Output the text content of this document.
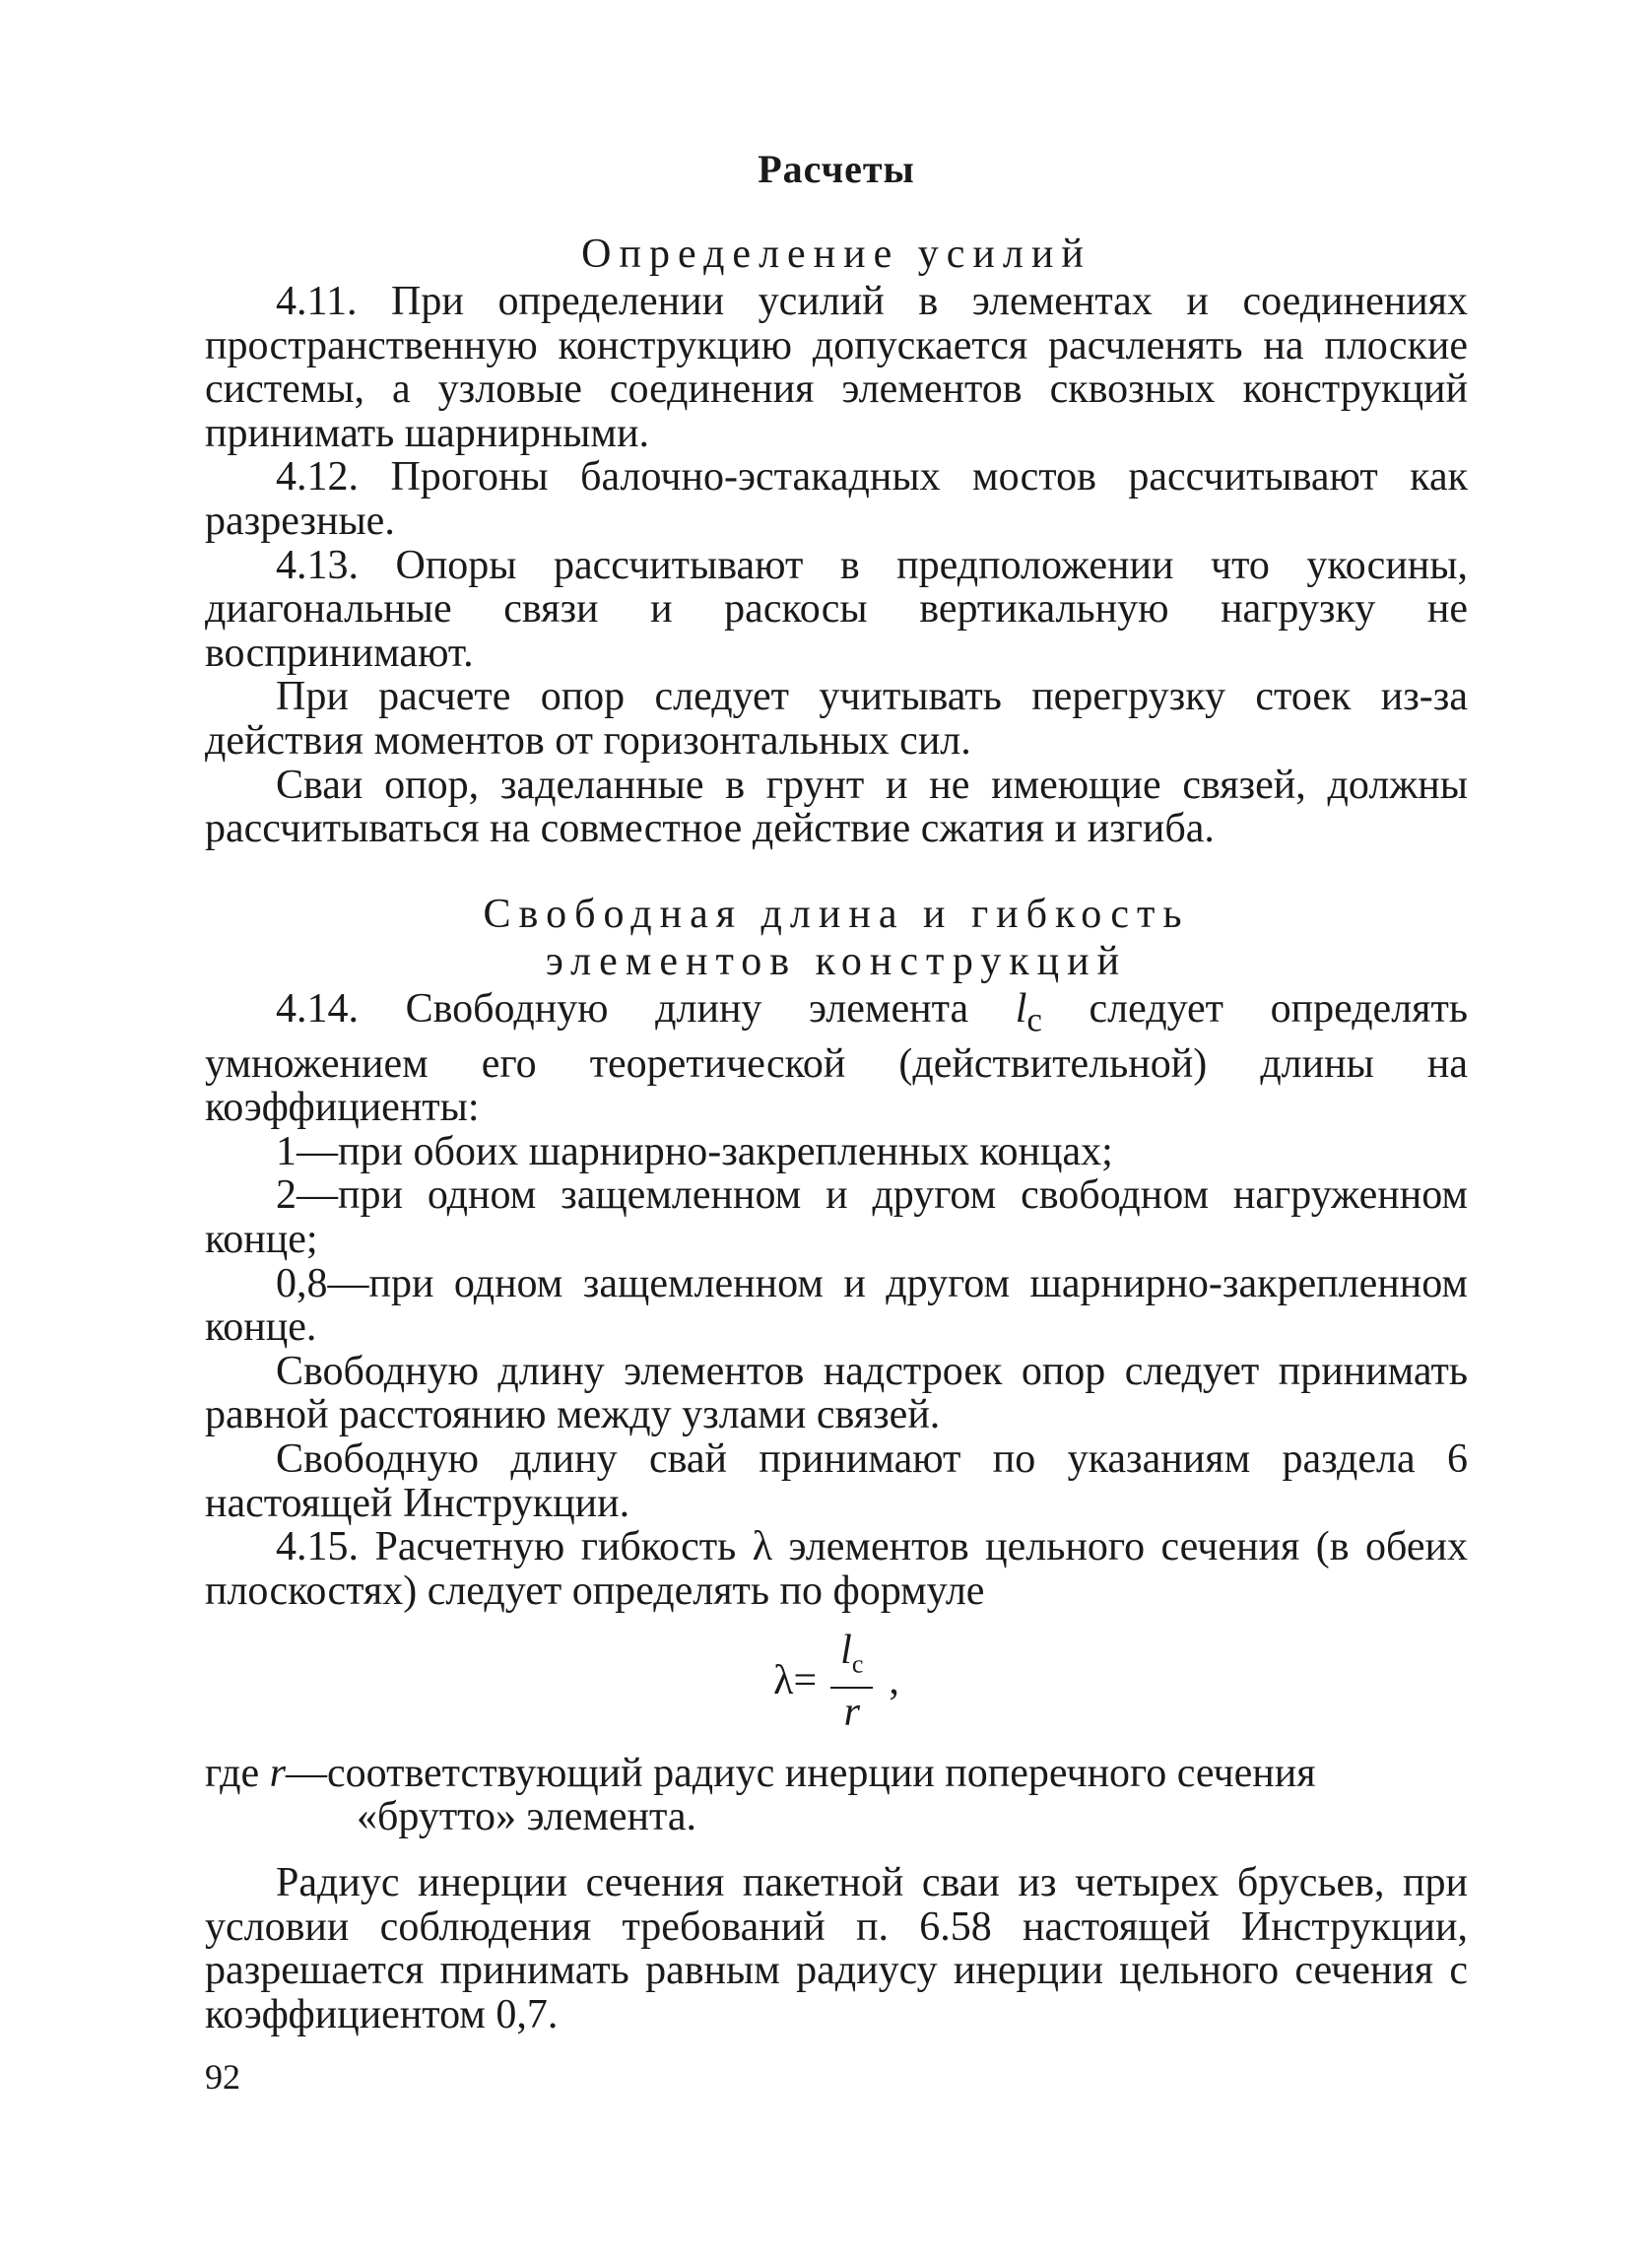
Расчеты
Определение усилий

4.11. При определении усилий в элементах и соединениях пространственную конструкцию допускается расчленять на плоские системы, а узловые соединения элементов сквозных конструкций принимать шарнирными.

4.12. Прогоны балочно-эстакадных мостов рассчитывают как разрезные.

4.13. Опоры рассчитывают в предположении что укосины, диагональные связи и раскосы вертикальную нагрузку не воспринимают.

При расчете опор следует учитывать перегрузку стоек из-за действия моментов от горизонтальных сил.

Сваи опор, заделанные в грунт и не имеющие связей, должны рассчитываться на совместное действие сжатия и изгиба.

Свободная длина и гибкость
элементов конструкций

4.14. Свободную длину элемента $l_c$ следует определять умножением его теоретической (действительной) длины на коэффициенты:

1—при обоих шарнирно-закрепленных концах;

2—при одном защемленном и другом свободном нагруженном конце;

0,8—при одном защемленном и другом шарнирно-закрепленном конце.

Свободную длину элементов надстроек опор следует принимать равной расстоянию между узлами связей.

Свободную длину свай принимают по указаниям раздела 6 настоящей Инструкции.

4.15. Расчетную гибкость λ элементов цельного сечения (в обеих плоскостях) следует определять по формуле

$\lambda= \frac{l_c}{r}$ ,

где r—соответствующий радиус инерции поперечного сечения

«брутто» элемента.

Радиус инерции сечения пакетной сваи из четырех брусьев, при условии соблюдения требований п. 6.58 настоящей Инструкции, разрешается принимать равным радиусу инерции цельного сечения с коэффициентом 0,7.

92
